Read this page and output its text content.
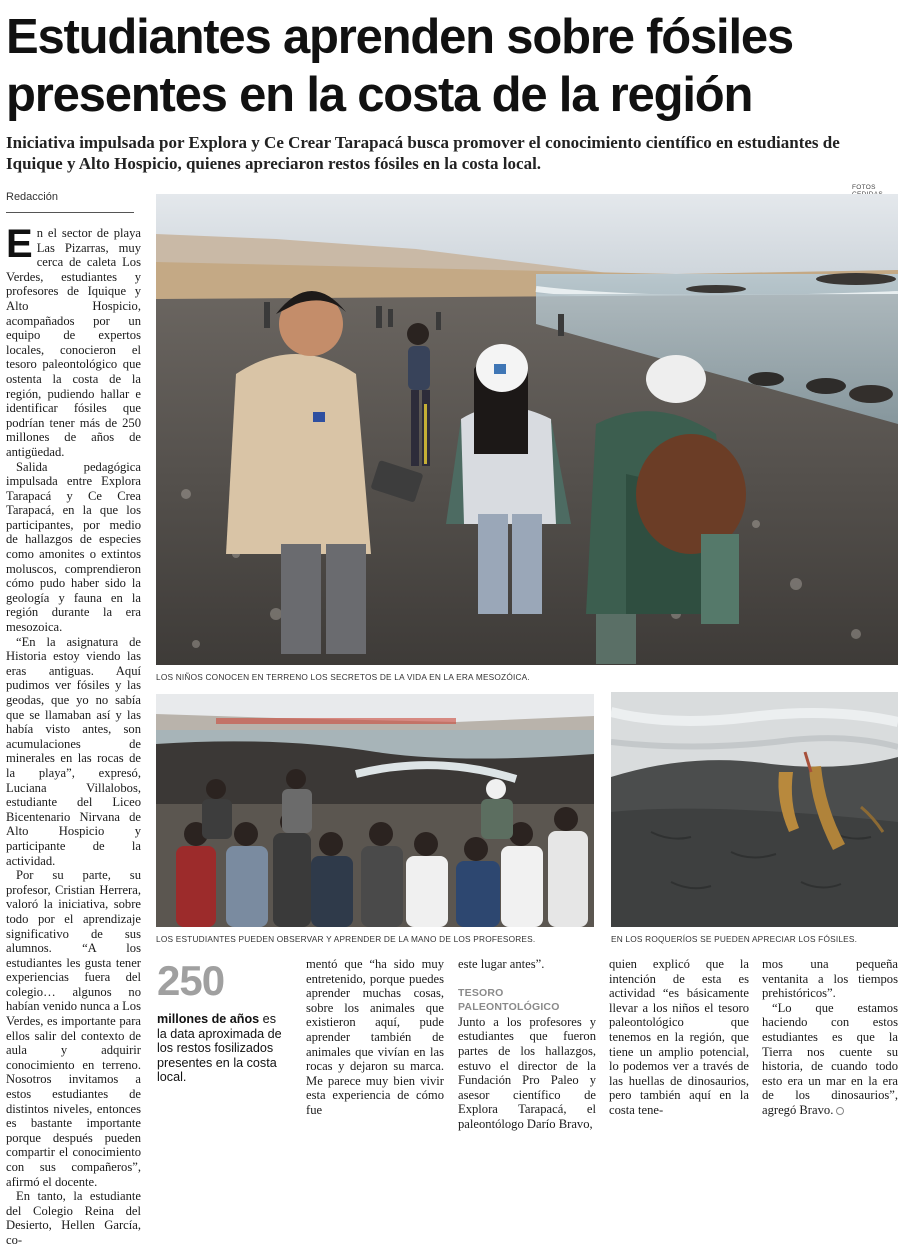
Estudiantes aprenden sobre fósiles
presentes en la costa de la región
Iniciativa impulsada por Explora y Ce Crear Tarapacá busca promover el conocimiento científico en estudiantes de Iquique y Alto Hospicio, quienes apreciaron restos fósiles en la costa local.
Redacción
FOTOS

En el sector de playa Las Pizarras, muy cerca de caleta Los Verdes, estudiantes y profesores de Iquique y Alto Hospicio, acompañados por un equipo de expertos locales, conocieron el tesoro paleontológico que ostenta la costa de la región, pudiendo hallar e identificar fósiles que podrían tener más de 250 millones de años de antigüedad.

Salida pedagógica impulsada entre Explora Tarapacá y Ce Crea Tarapacá, en la que los participantes, por medio de hallazgos de especies como amonites o extintos moluscos, comprendieron cómo pudo haber sido la geología y fauna en la región durante la era mesozoica.

“En la asignatura de Historia estoy viendo las eras antiguas. Aquí pudimos ver fósiles y las geodas, que yo no sabía que se llamaban así y las había visto antes, son acumulaciones de minerales en las rocas de la playa”, expresó, Luciana Villalobos, estudiante del Liceo Bicentenario Nirvana de Alto Hospicio y participante de la actividad.

Por su parte, su profesor, Cristian Herrera, valoró la iniciativa, sobre todo por el aprendizaje significativo de sus alumnos. “A los estudiantes les gusta tener experiencias fuera del colegio… algunos no habían venido nunca a Los Verdes, es importante para ellos salir del contexto de aula y adquirir conocimiento en terreno. Nosotros invitamos a estos estudiantes de distintos niveles, entonces es bastante importante porque después pueden compartir el conocimiento con sus compañeros”, afirmó el docente.

En tanto, la estudiante del Colegio Reina del Desierto, Hellen García, co-

LOS NIÑOS CONOCEN EN TERRENO LOS SECRETOS DE LA VIDA EN LA ERA MESOZÓICA.
LOS ESTUDIANTES PUEDEN OBSERVAR Y APRENDER DE LA MANO DE LOS PROFESORES.	EN LOS ROQUERÍOS SE PUEDEN APRECIAR LOS FÓSILES.
250
millones de años es la data aproximada de los restos fosilizados presentes en la costa local.

mentó que “ha sido muy entretenido, porque puedes aprender muchas cosas, sobre los animales que existieron aquí, pude aprender también de animales que vivían en las rocas y dejaron su marca. Me parece muy bien vivir esta experiencia de cómo fue

este lugar antes”.

TESORO PALEONTOLÓGICO

Junto a los profesores y estudiantes que fueron partes de los hallazgos, estuvo el director de la Fundación Pro Paleo y asesor científico de Explora Tarapacá, el paleontólogo Darío Bravo,

quien explicó que la intención de esta es actividad “es básicamente llevar a los niños el tesoro paleontológico que tenemos en la región, que tiene un amplio potencial, lo podemos ver a través de las huellas de dinosaurios, pero también aquí en la costa tene-

mos una pequeña ventanita a los tiempos prehistóricos”.

“Lo que estamos haciendo con estos estudiantes es que la Tierra nos cuente su historia, de cuando todo esto era un mar en la era de los dinosaurios”, agregó Bravo.
